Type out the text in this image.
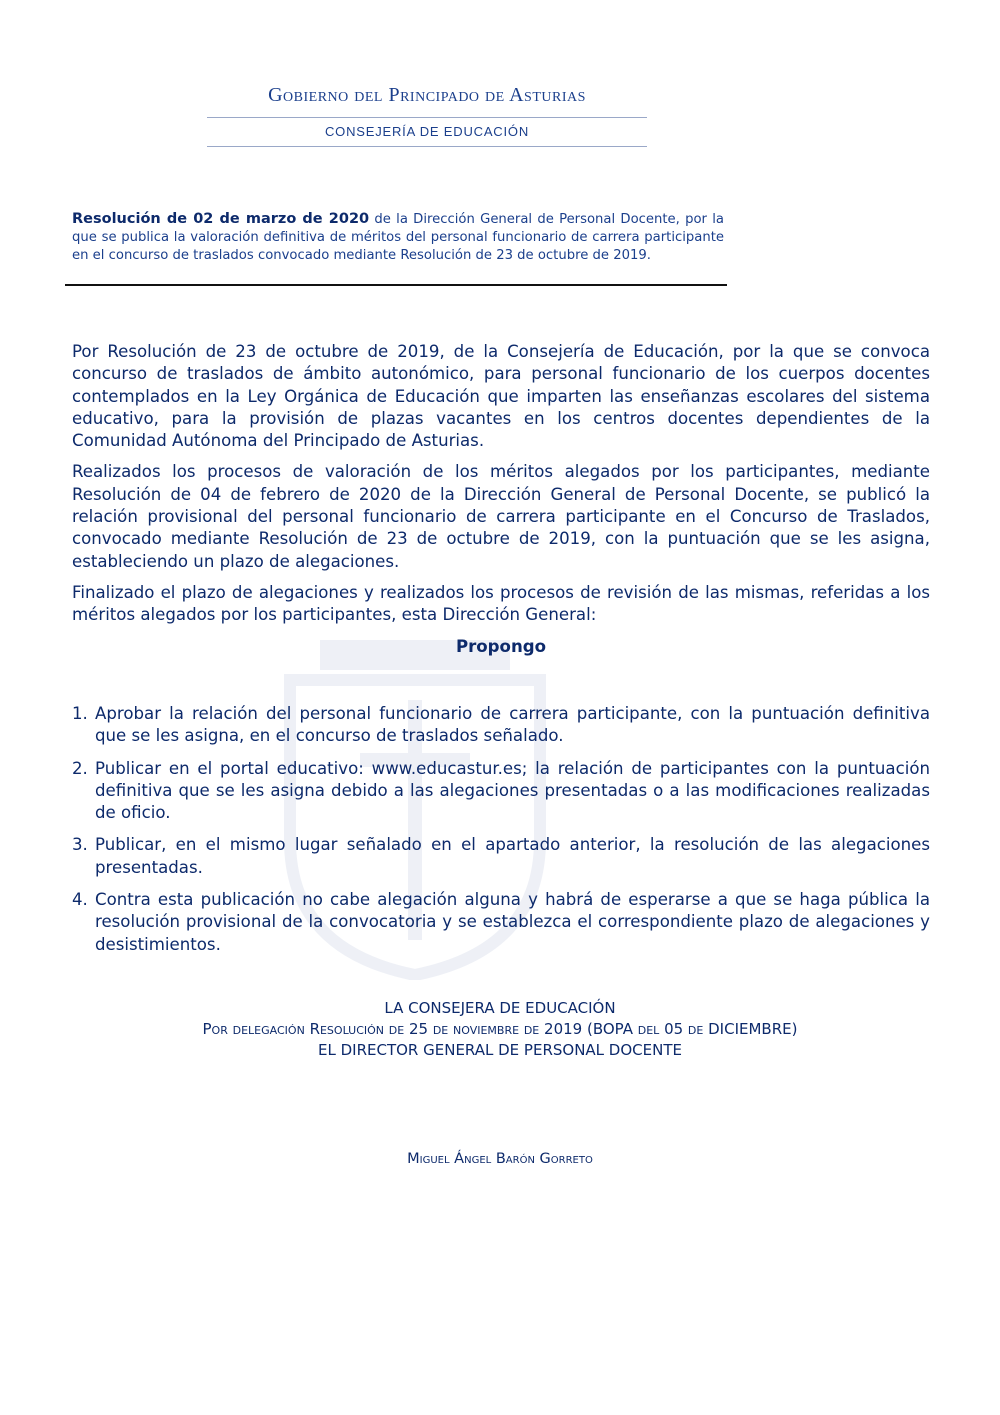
Gobierno del Principado de Asturias
CONSEJERÍA DE EDUCACIÓN
Resolución de 02 de marzo de 2020 de la Dirección General de Personal Docente, por la que se publica la valoración definitiva de méritos del personal funcionario de carrera participante en el concurso de traslados convocado mediante Resolución de 23 de octubre de 2019.

Por Resolución de 23 de octubre de 2019, de la Consejería de Educación, por la que se convoca concurso de traslados de ámbito autonómico, para personal funcionario de los cuerpos docentes contemplados en la Ley Orgánica de Educación que imparten las enseñanzas escolares del sistema educativo, para la provisión de plazas vacantes en los centros docentes dependientes de la Comunidad Autónoma del Principado de Asturias.

Realizados los procesos de valoración de los méritos alegados por los participantes, mediante Resolución de 04 de febrero de 2020 de la Dirección General de Personal Docente, se publicó la relación provisional del personal funcionario de carrera participante en el Concurso de Traslados, convocado mediante Resolución de 23 de octubre de 2019, con la puntuación que se les asigna, estableciendo un plazo de alegaciones.

Finalizado el plazo de alegaciones y realizados los procesos de revisión de las mismas, referidas a los méritos alegados por los participantes, esta Dirección General:

Propongo
1. Aprobar la relación del personal funcionario de carrera participante, con la puntuación definitiva que se les asigna, en el concurso de traslados señalado.
2. Publicar en el portal educativo: www.educastur.es; la relación de participantes con la puntuación definitiva que se les asigna debido a las alegaciones presentadas o a las modificaciones realizadas de oficio.
3. Publicar, en el mismo lugar señalado en el apartado anterior, la resolución de las alegaciones presentadas.
4. Contra esta publicación no cabe alegación alguna y habrá de esperarse a que se haga pública la resolución provisional de la convocatoria y se establezca el correspondiente plazo de alegaciones y desistimientos.
LA CONSEJERA DE EDUCACIÓN
Por delegación Resolución de 25 de noviembre de 2019 (BOPA del 05 de DICIEMBRE)
EL DIRECTOR GENERAL DE PERSONAL DOCENTE
Miguel Ángel Barón Gorreto
